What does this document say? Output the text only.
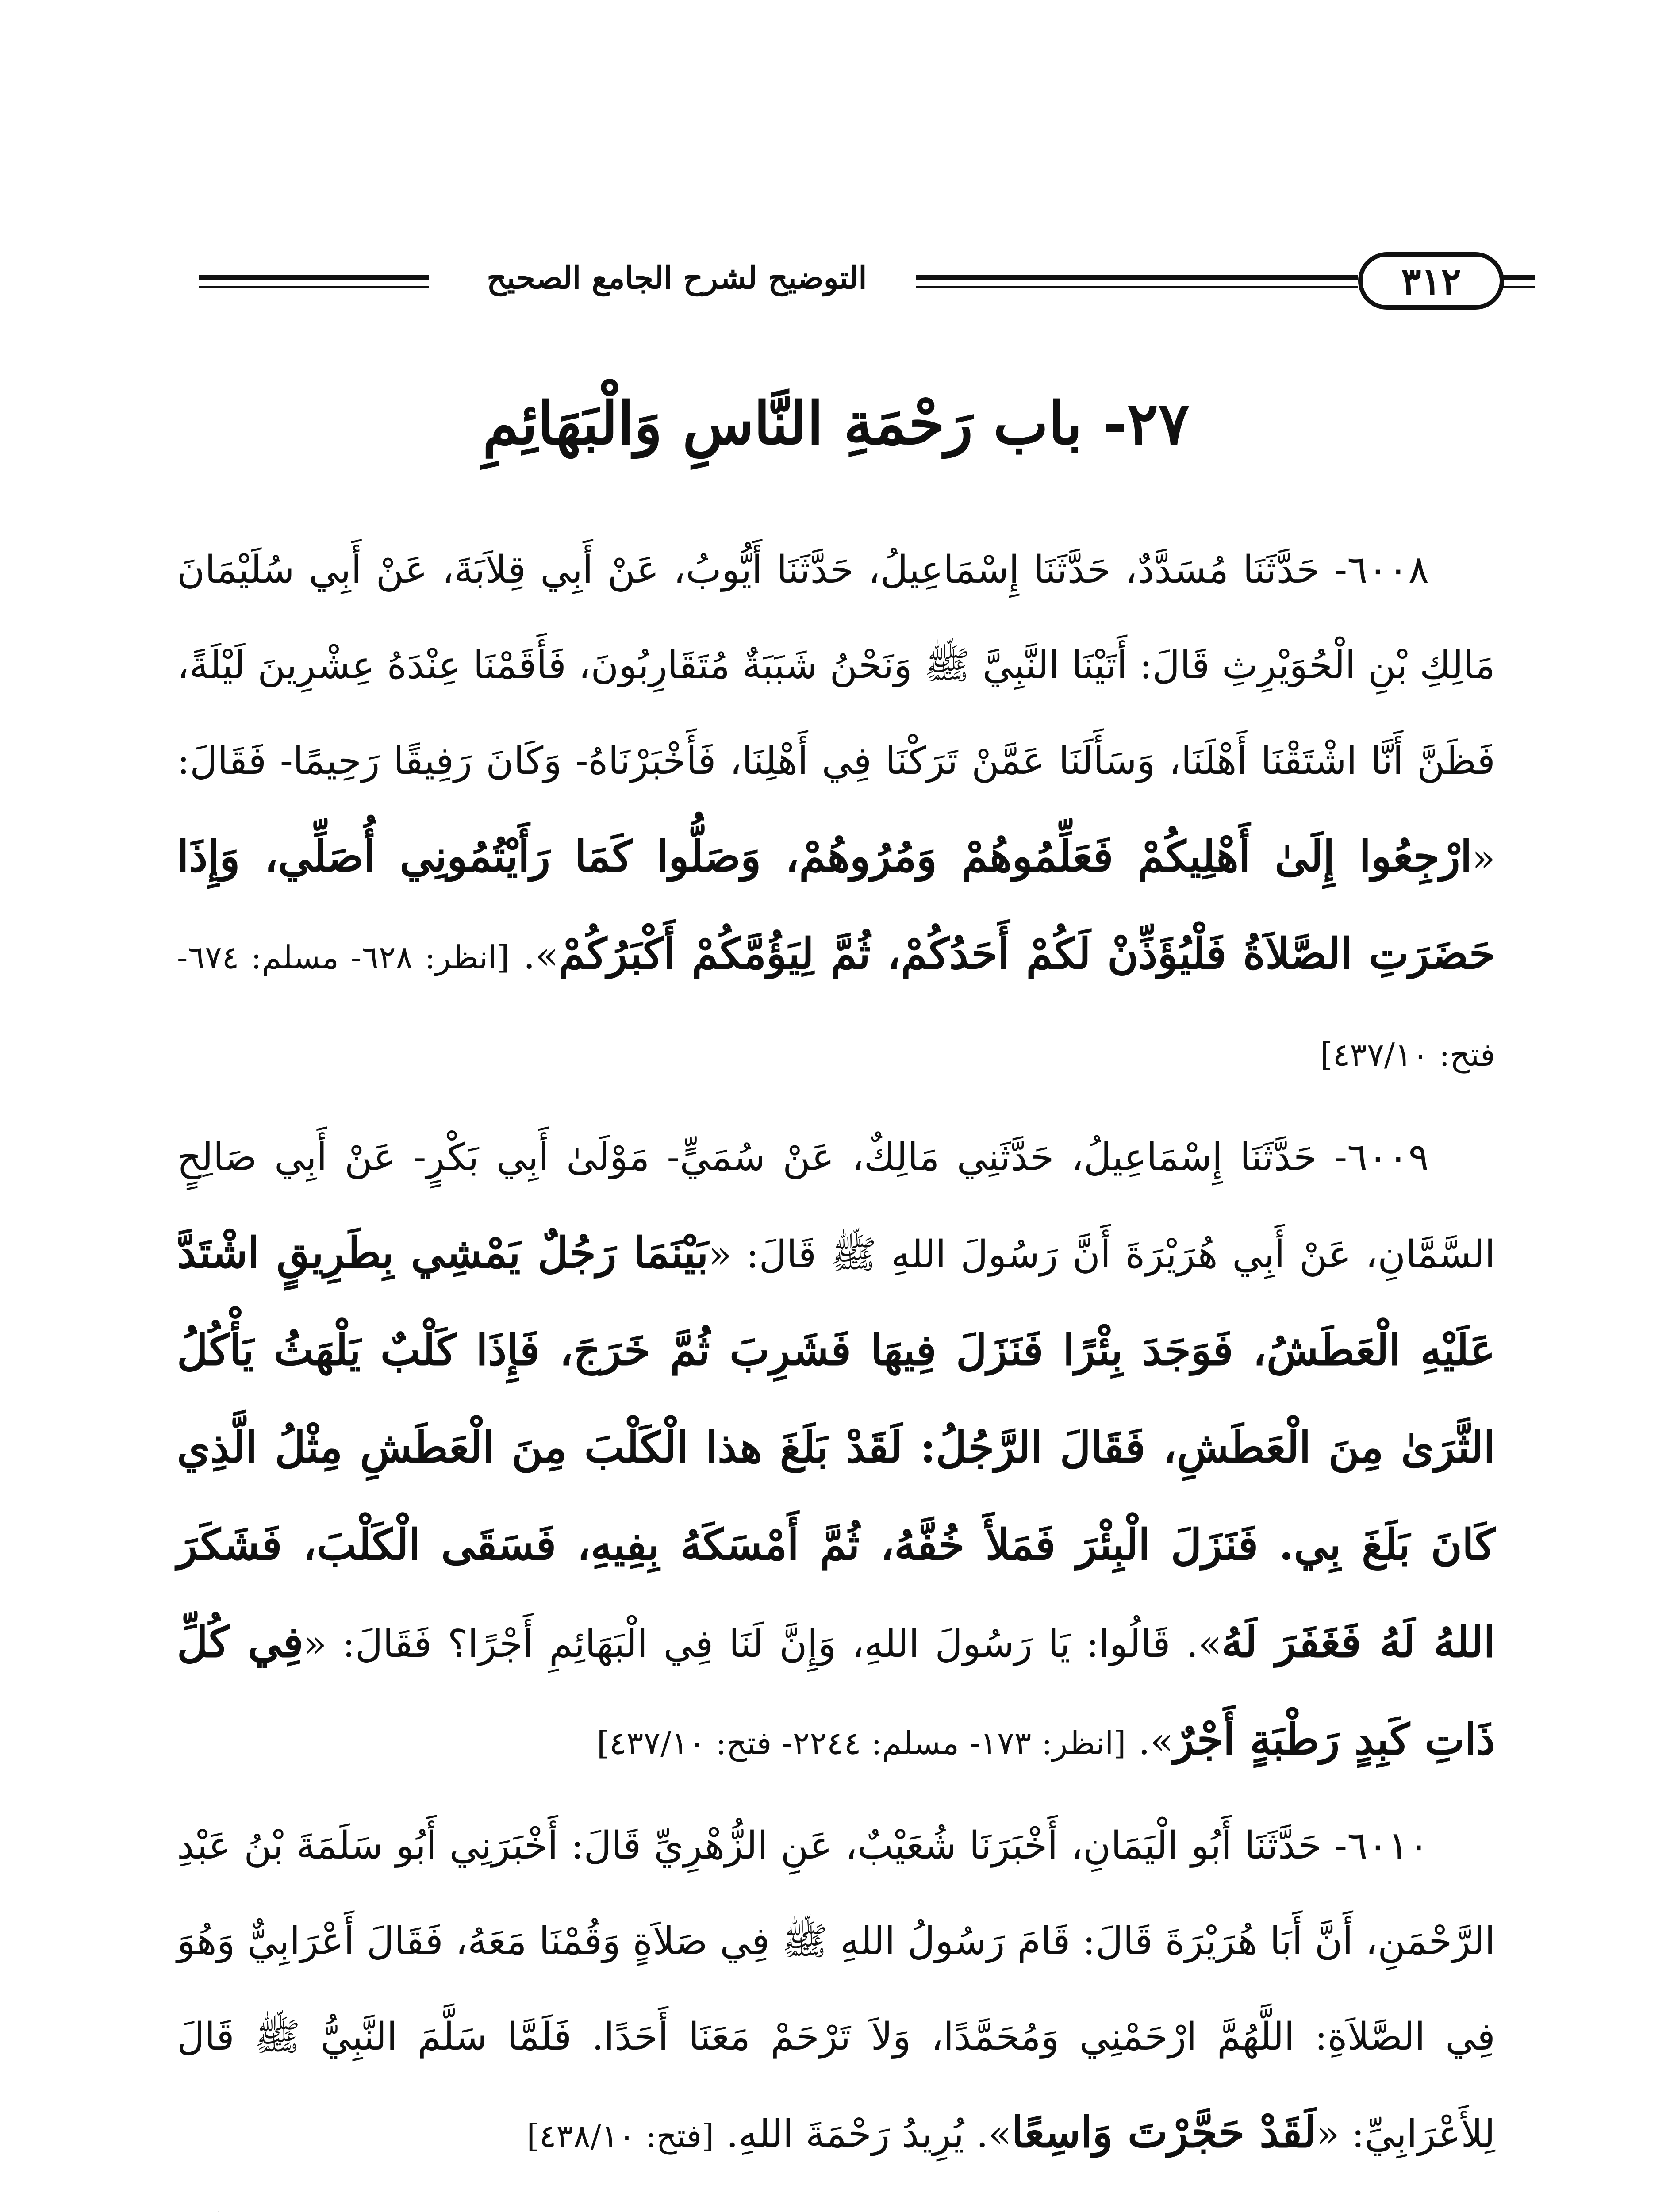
٣١٢
التوضيح لشرح الجامع الصحيح
٢٧- باب رَحْمَةِ النَّاسِ وَالْبَهَائِمِ

٦٠٠٨- حَدَّثَنَا مُسَدَّدٌ، حَدَّثَنَا إِسْمَاعِيلُ، حَدَّثَنَا أَيُّوبُ، عَنْ أَبِي قِلاَبَةَ، عَنْ أَبِي سُلَيْمَانَ مَالِكِ بْنِ الْحُوَيْرِثِ قَالَ: أَتَيْنَا النَّبِيَّ ﷺ وَنَحْنُ شَبَبَةٌ مُتَقَارِبُونَ، فَأَقَمْنَا عِنْدَهُ عِشْرِينَ لَيْلَةً، فَظَنَّ أَنَّا اشْتَقْنَا أَهْلَنَا، وَسَأَلَنَا عَمَّنْ تَرَكْنَا فِي أَهْلِنَا، فَأَخْبَرْنَاهُ- وَكَانَ رَفِيقًا رَحِيمًا- فَقَالَ: «ارْجِعُوا إِلَىٰ أَهْلِيكُمْ فَعَلِّمُوهُمْ وَمُرُوهُمْ، وَصَلُّوا كَمَا رَأَيْتُمُونِي أُصَلِّي، وَإِذَا حَضَرَتِ الصَّلاَةُ فَلْيُؤَذِّنْ لَكُمْ أَحَدُكُمْ، ثُمَّ لِيَؤُمَّكُمْ أَكْبَرُكُمْ». [انظر: ٦٢٨- مسلم: ٦٧٤- فتح: ٤٣٧/١٠]

٦٠٠٩- حَدَّثَنَا إِسْمَاعِيلُ، حَدَّثَنِي مَالِكٌ، عَنْ سُمَيٍّ- مَوْلَىٰ أَبِي بَكْرٍ- عَنْ أَبِي صَالِحٍ السَّمَّانِ، عَنْ أَبِي هُرَيْرَةَ أَنَّ رَسُولَ اللهِ ﷺ قَالَ: «بَيْنَمَا رَجُلٌ يَمْشِي بِطَرِيقٍ اشْتَدَّ عَلَيْهِ الْعَطَشُ، فَوَجَدَ بِئْرًا فَنَزَلَ فِيهَا فَشَرِبَ ثُمَّ خَرَجَ، فَإِذَا كَلْبٌ يَلْهَثُ يَأْكُلُ الثَّرَىٰ مِنَ الْعَطَشِ، فَقَالَ الرَّجُلُ: لَقَدْ بَلَغَ هذا الْكَلْبَ مِنَ الْعَطَشِ مِثْلُ الَّذِي كَانَ بَلَغَ بِي. فَنَزَلَ الْبِئْرَ فَمَلأَ خُفَّهُ، ثُمَّ أَمْسَكَهُ بِفِيهِ، فَسَقَى الْكَلْبَ، فَشَكَرَ اللهُ لَهُ فَغَفَرَ لَهُ». قَالُوا: يَا رَسُولَ اللهِ، وَإِنَّ لَنَا فِي الْبَهَائِمِ أَجْرًا؟ فَقَالَ: «فِي كُلِّ ذَاتِ كَبِدٍ رَطْبَةٍ أَجْرٌ». [انظر: ١٧٣- مسلم: ٢٢٤٤- فتح: ٤٣٧/١٠]

٦٠١٠- حَدَّثَنَا أَبُو الْيَمَانِ، أَخْبَرَنَا شُعَيْبٌ، عَنِ الزُّهْرِيِّ قَالَ: أَخْبَرَنِي أَبُو سَلَمَةَ بْنُ عَبْدِ الرَّحْمَنِ، أَنَّ أَبَا هُرَيْرَةَ قَالَ: قَامَ رَسُولُ اللهِ ﷺ فِي صَلاَةٍ وَقُمْنَا مَعَهُ، فَقَالَ أَعْرَابِيٌّ وَهُوَ فِي الصَّلاَةِ: اللَّهُمَّ ارْحَمْنِي وَمُحَمَّدًا، وَلاَ تَرْحَمْ مَعَنَا أَحَدًا. فَلَمَّا سَلَّمَ النَّبِيُّ ﷺ قَالَ لِلأَعْرَابِيِّ: «لَقَدْ حَجَّرْتَ وَاسِعًا». يُرِيدُ رَحْمَةَ اللهِ. [فتح: ٤٣٨/١٠]
